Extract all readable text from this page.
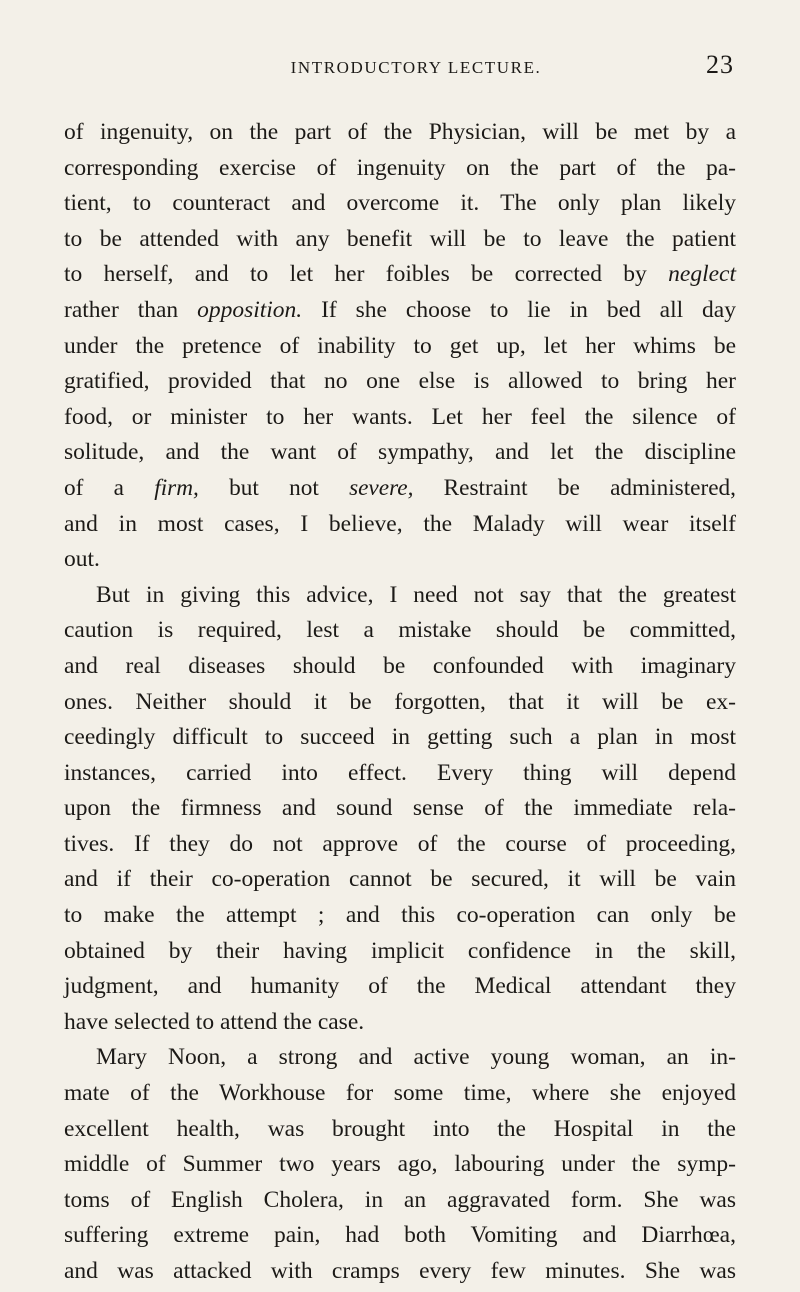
INTRODUCTORY LECTURE.	23
of ingenuity, on the part of the Physician, will be met by a
corresponding exercise of ingenuity on the part of the pa-
tient, to counteract and overcome it. The only plan likely
to be attended with any benefit will be to leave the patient
to herself, and to let her foibles be corrected by neglect
rather than opposition. If she choose to lie in bed all day
under the pretence of inability to get up, let her whims be
gratified, provided that no one else is allowed to bring her
food, or minister to her wants. Let her feel the silence of
solitude, and the want of sympathy, and let the discipline
of a firm, but not severe, Restraint be administered,
and in most cases, I believe, the Malady will wear itself
out.
But in giving this advice, I need not say that the greatest
caution is required, lest a mistake should be committed,
and real diseases should be confounded with imaginary
ones. Neither should it be forgotten, that it will be ex-
ceedingly difficult to succeed in getting such a plan in most
instances, carried into effect. Every thing will depend
upon the firmness and sound sense of the immediate rela-
tives. If they do not approve of the course of proceeding,
and if their co-operation cannot be secured, it will be vain
to make the attempt ; and this co-operation can only be
obtained by their having implicit confidence in the skill,
judgment, and humanity of the Medical attendant they
have selected to attend the case.
Mary Noon, a strong and active young woman, an in-
mate of the Workhouse for some time, where she enjoyed
excellent health, was brought into the Hospital in the
middle of Summer two years ago, labouring under the symp-
toms of English Cholera, in an aggravated form. She was
suffering extreme pain, had both Vomiting and Diarrhœa,
and was attacked with cramps every few minutes. She was
